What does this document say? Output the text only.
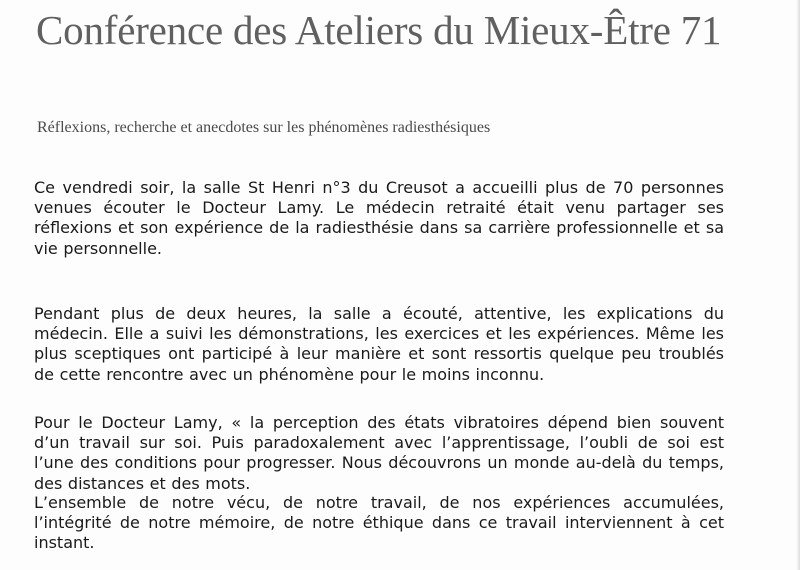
Conférence des Ateliers du Mieux-Être 71

Réflexions, recherche et anecdotes sur les phénomènes radiesthésiques

Ce vendredi soir, la salle St Henri n°3 du Creusot a accueilli plus de 70 personnes venues écouter le Docteur Lamy. Le médecin retraité était venu partager ses réflexions et son expérience de la radiesthésie dans sa carrière professionnelle et sa vie personnelle.

Pendant plus de deux heures, la salle a écouté, attentive, les explications du médecin. Elle a suivi les démonstrations, les exercices et les expériences. Même les plus sceptiques ont participé à leur manière et sont ressortis quelque peu troublés de cette rencontre avec un phénomène pour le moins inconnu.

Pour le Docteur Lamy, « la perception des états vibratoires dépend bien souvent d’un travail sur soi. Puis paradoxalement avec l’apprentissage, l’oubli de soi est l’une des conditions pour progresser. Nous découvrons un monde au-delà du temps, des distances et des mots.

L’ensemble de notre vécu, de notre travail, de nos expériences accumulées, l’intégrité de notre mémoire, de notre éthique dans ce travail interviennent à cet instant.
